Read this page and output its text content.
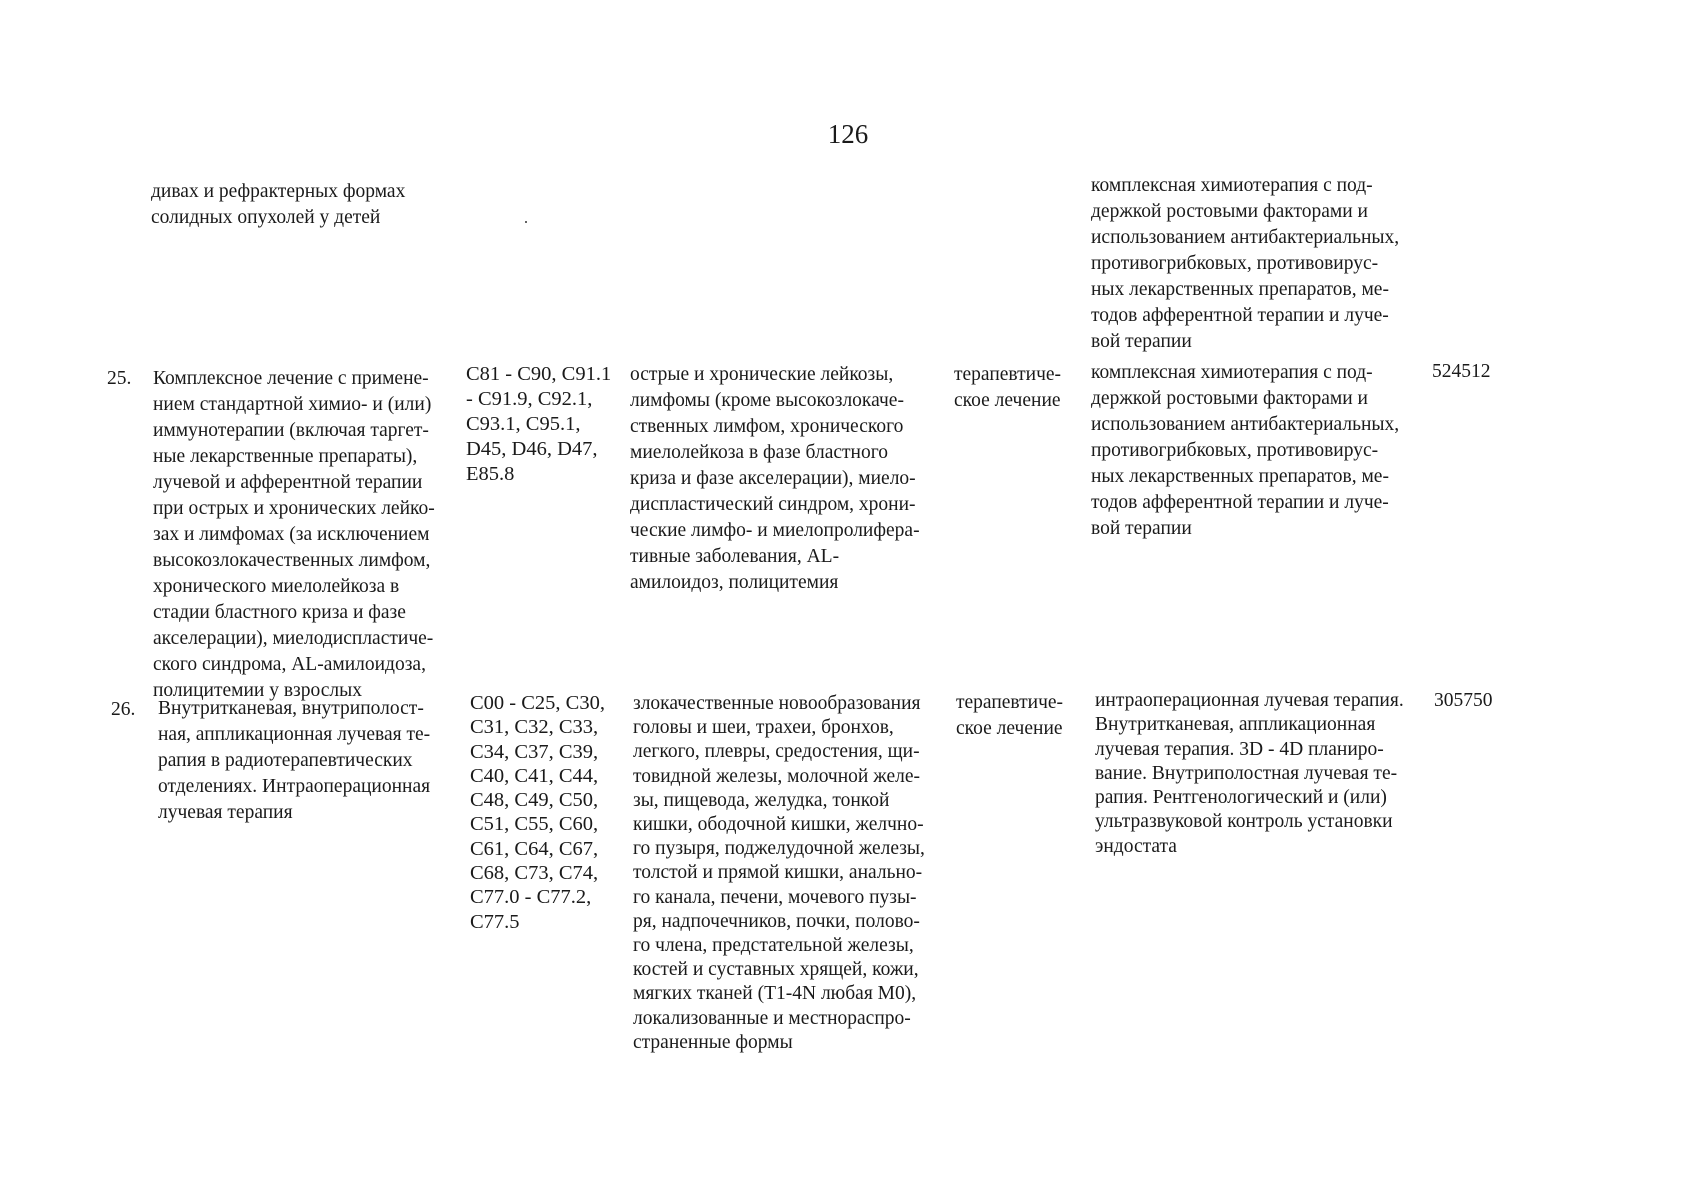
126
дивах и рефрактерных формах
солидных опухолей у детей
комплексная химиотерапия с под-
держкой ростовыми факторами и
использованием антибактериальных,
противогрибковых, противовирус-
ных лекарственных препаратов, ме-
тодов афферентной терапии и луче-
вой терапии
25. Комплексное лечение с примене-
нием стандартной химио- и (или)
иммунотерапии (включая таргет-
ные лекарственные препараты),
лучевой и афферентной терапии
при острых и хронических лейко-
зах и лимфомах (за исключением
высокозлокачественных лимфом,
хронического миелолейкоза в
стадии бластного криза и фазе
акселерации), миелодиспластиче-
ского синдрома, AL-амилоидоза,
полицитемии у взрослых
C81 - C90, C91.1
- C91.9, C92.1,
C93.1, C95.1,
D45, D46, D47,
E85.8
острые и хронические лейкозы,
лимфомы (кроме высокозлокаче-
ственных лимфом, хронического
миелолейкоза в фазе бластного
криза и фазе акселерации), миело-
диспластический синдром, хрони-
ческие лимфо- и миелопролифера-
тивные заболевания, AL-
амилоидоз, полицитемия
терапевтиче-
ское лечение
комплексная химиотерапия с под-
держкой ростовыми факторами и
использованием антибактериальных,
противогрибковых, противовирус-
ных лекарственных препаратов, ме-
тодов афферентной терапии и луче-
вой терапии
524512
26. Внутритканевая, внутриполост-
ная, аппликационная лучевая те-
рапия в радиотерапевтических
отделениях. Интраоперационная
лучевая терапия
C00 - C25, C30,
C31, C32, C33,
C34, C37, C39,
C40, C41, C44,
C48, C49, C50,
C51, C55, C60,
C61, C64, C67,
C68, C73, C74,
C77.0 - C77.2,
C77.5
злокачественные новообразования
головы и шеи, трахеи, бронхов,
легкого, плевры, средостения, щи-
товидной железы, молочной желе-
зы, пищевода, желудка, тонкой
кишки, ободочной кишки, желчно-
го пузыря, поджелудочной железы,
толстой и прямой кишки, анально-
го канала, печени, мочевого пузы-
ря, надпочечников, почки, полово-
го члена, предстательной железы,
костей и суставных хрящей, кожи,
мягких тканей (T1-4N любая M0),
локализованные и местнораспро-
страненные формы
терапевтиче-
ское лечение
интраоперационная лучевая терапия.
Внутритканевая, аппликационная
лучевая терапия. 3D - 4D планиро-
вание. Внутриполостная лучевая те-
рапия. Рентгенологический и (или)
ультразвуковой контроль установки
эндостата
305750
